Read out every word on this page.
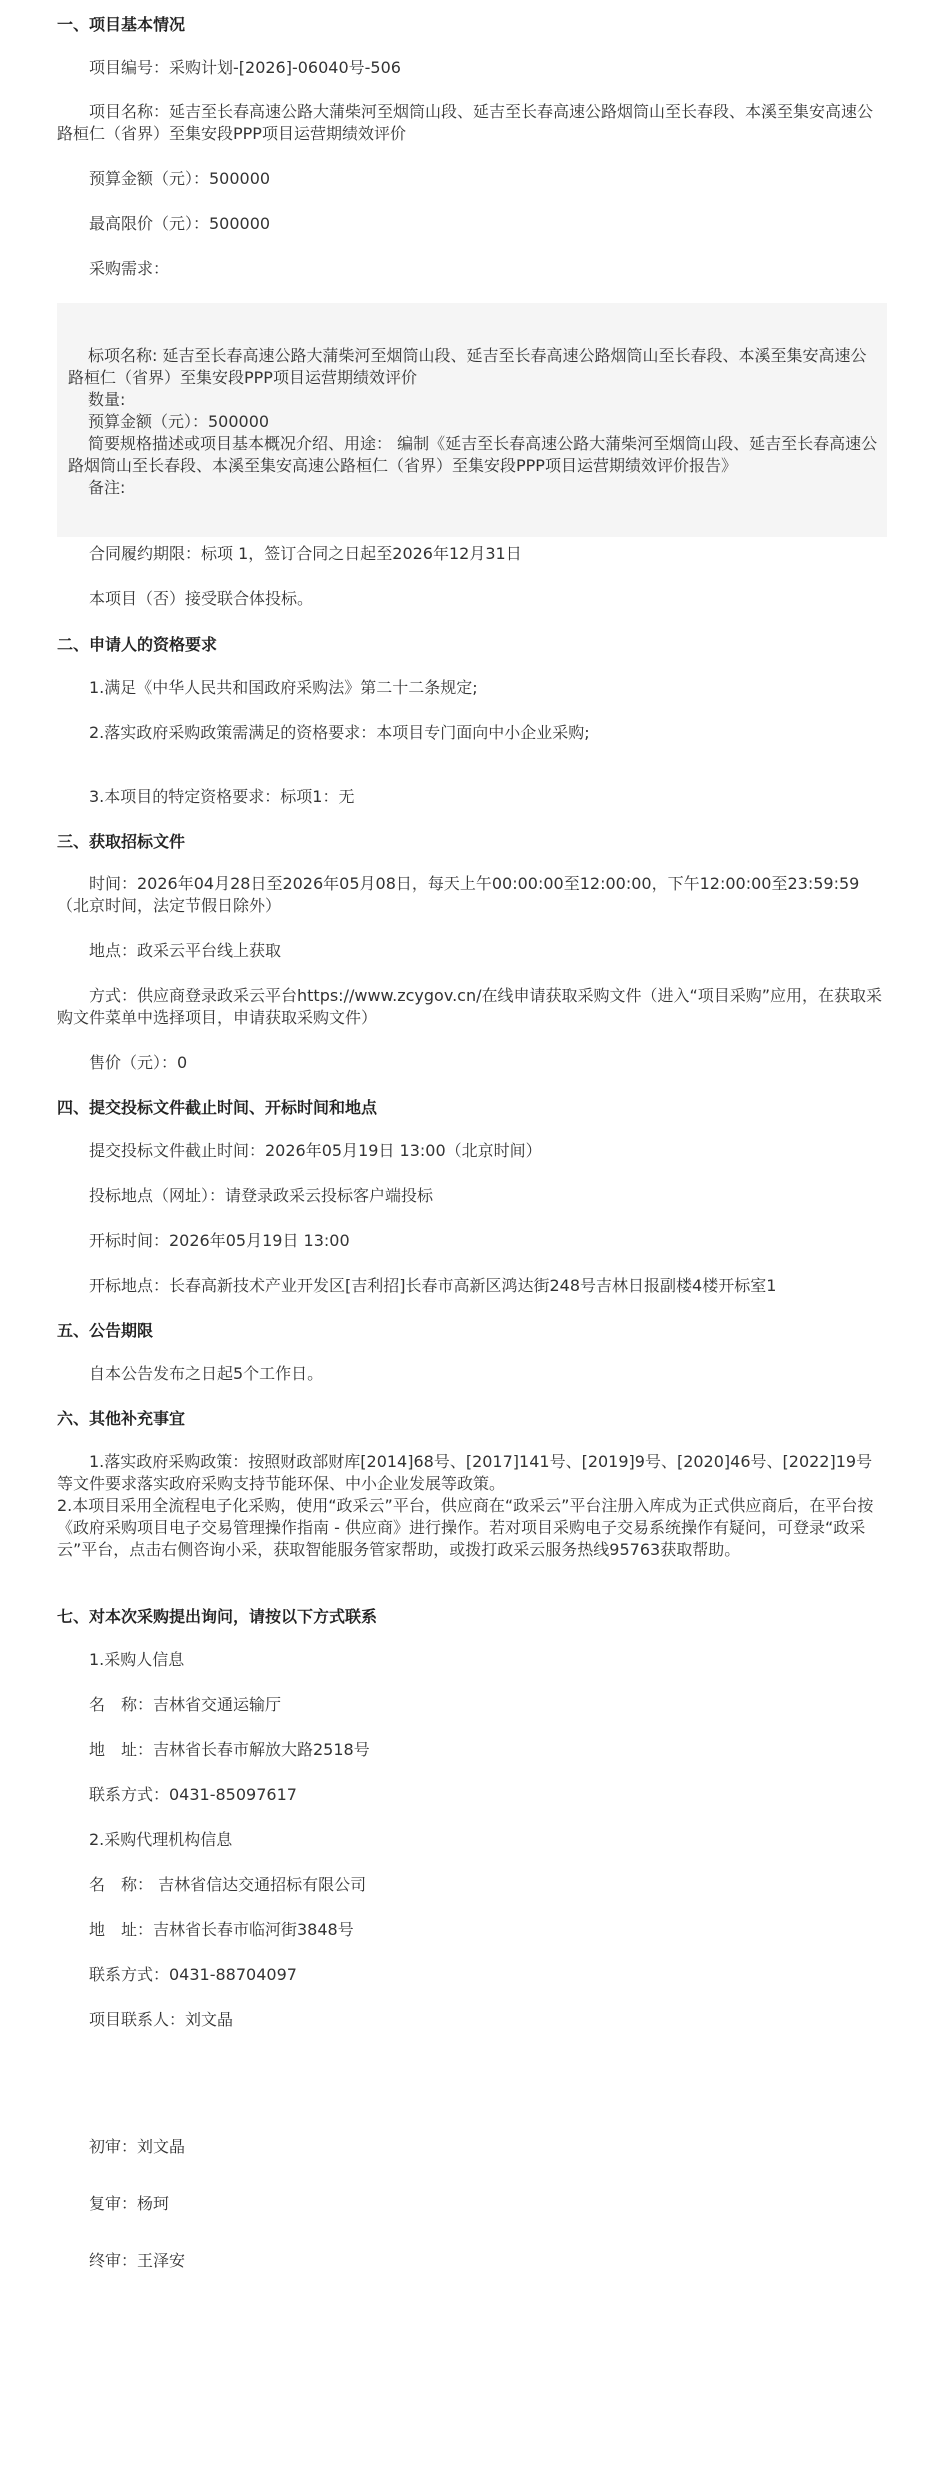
一、项目基本情况
项目编号：采购计划-[2026]-06040号-506
项目名称：延吉至长春高速公路大蒲柴河至烟筒山段、延吉至长春高速公路烟筒山至长春段、本溪至集安高速公路桓仁（省界）至集安段PPP项目运营期绩效评价
预算金额（元）：500000
最高限价（元）：500000
采购需求：
标项名称: 延吉至长春高速公路大蒲柴河至烟筒山段、延吉至长春高速公路烟筒山至长春段、本溪至集安高速公路桓仁（省界）至集安段PPP项目运营期绩效评价
数量:
预算金额（元）：500000
简要规格描述或项目基本概况介绍、用途： 编制《延吉至长春高速公路大蒲柴河至烟筒山段、延吉至长春高速公路烟筒山至长春段、本溪至集安高速公路桓仁（省界）至集安段PPP项目运营期绩效评价报告》
备注:
合同履约期限：标项 1，签订合同之日起至2026年12月31日
本项目（否）接受联合体投标。
二、申请人的资格要求
1.满足《中华人民共和国政府采购法》第二十二条规定;
2.落实政府采购政策需满足的资格要求：本项目专门面向中小企业采购;
3.本项目的特定资格要求：标项1：无
三、获取招标文件
时间：2026年04月28日至2026年05月08日，每天上午00:00:00至12:00:00，下午12:00:00至23:59:59（北京时间，法定节假日除外）
地点：政采云平台线上获取
方式：供应商登录政采云平台https://www.zcygov.cn/在线申请获取采购文件（进入“项目采购”应用，在获取采购文件菜单中选择项目，申请获取采购文件）
售价（元）：0
四、提交投标文件截止时间、开标时间和地点
提交投标文件截止时间：2026年05月19日 13:00（北京时间）
投标地点（网址）：请登录政采云投标客户端投标
开标时间：2026年05月19日 13:00
开标地点：长春高新技术产业开发区[吉利招]长春市高新区鸿达街248号吉林日报副楼4楼开标室1
五、公告期限
自本公告发布之日起5个工作日。
六、其他补充事宜
1.落实政府采购政策：按照财政部财库[2014]68号、[2017]141号、[2019]9号、[2020]46号、[2022]19号等文件要求落实政府采购支持节能环保、中小企业发展等政策。
2.本项目采用全流程电子化采购，使用“政采云”平台，供应商在“政采云”平台注册入库成为正式供应商后，在平台按《政府采购项目电子交易管理操作指南 - 供应商》进行操作。若对项目采购电子交易系统操作有疑问，可登录“政采云”平台，点击右侧咨询小采，获取智能服务管家帮助，或拨打政采云服务热线95763获取帮助。
七、对本次采购提出询问，请按以下方式联系
1.采购人信息
名　称：吉林省交通运输厅
地　址：吉林省长春市解放大路2518号
联系方式：0431-85097617
2.采购代理机构信息
名　称： 吉林省信达交通招标有限公司
地　址：吉林省长春市临河街3848号
联系方式：0431-88704097
项目联系人：刘文晶
初审：刘文晶
复审：杨珂
终审：王泽安
